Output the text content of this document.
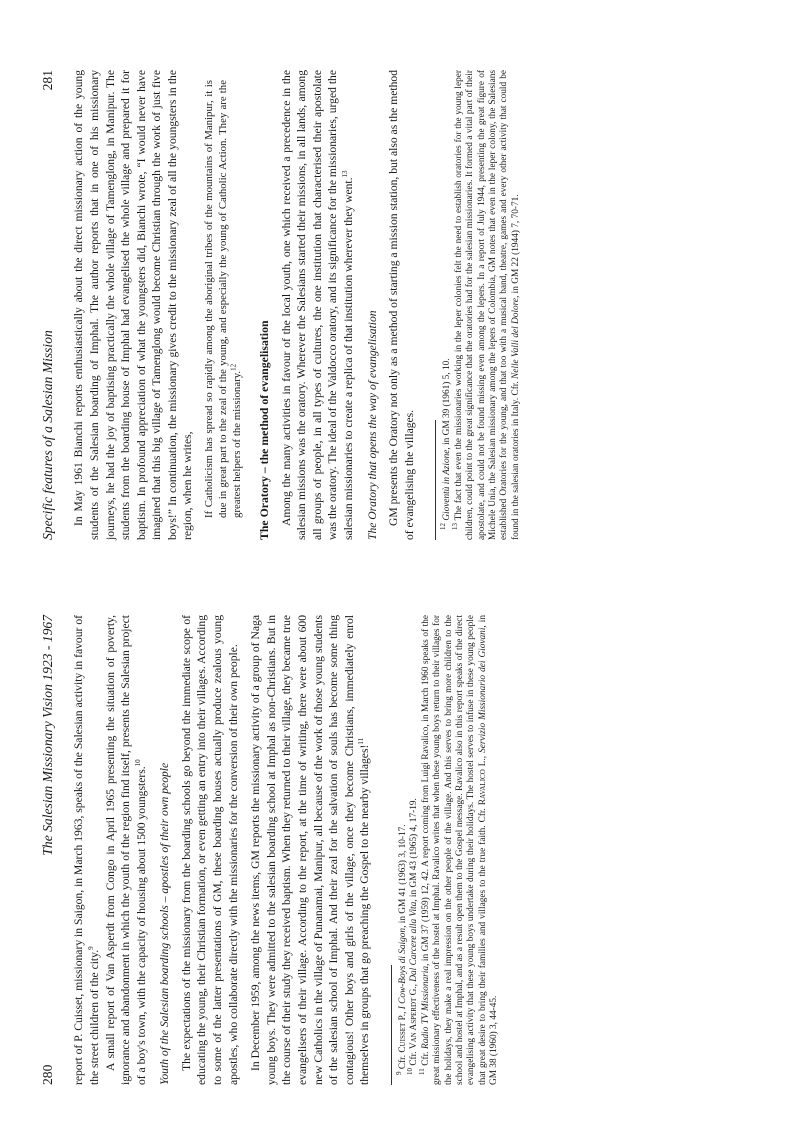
280
The Salesian Missionary Vision 1923 - 1967 report of P. Cuisset, missionary in Saigon, in March 1963, speaks of the Salesian activity in favour of the street children of the city.$^9$ A small report of Van Asperdt from Congo in April 1965 presenting the situation of poverty, ignorance and abandonment in which the youth of the region find itself, presents the Salesian project of a boy's town, with the capacity of housing about 1500 youngsters.$^{10}$	Youth of the Salesian boarding schools – apostles of their own people The expectations of the missionary from the boarding schools go beyond the immediate scope of educating the young, their Christian formation, or even getting an entry into their villages. According to some of the latter presentations of GM, these boarding houses actually produce zealous young apostles, who collaborate directly with the missionaries for the conversion of their own people. In December 1959, among the news items, GM reports the missionary activity of a group of Naga young boys. They were admitted to the salesian boarding school at Imphal as non-Christians. But in the course of their study they received baptism. When they returned to their village, they became true evangelisers of their village. According to the report, at the time of writing, there were about 600 new Catholics in the village of Punanamai, Manipur, all because of the work of those young students of the salesian school of Imphal. And their zeal for the salvation of souls has become some thing contagious! Other boys and girls of the village, once they become Christians, immediately enrol themselves in groups that go preaching the Gospel to the nearby villages!$^{11}$

$^9$ Cfr. Cuisset P., I Cow-Boys di Saigon, in GM 41 (1963) 3, 10-17.

$^{10}$ Cfr. Van Asperdt G., Dal Carcere alla Vita, in GM 43 (1965) 4, 17-19.

$^{11}$ Cfr. Radio TV Missionaria, in GM 37 (1959) 12, 42. A report coming from Luigi Ravalico, in March 1960 speaks of the great missionary effectiveness of the hostel at Imphal. Ravalico writes that when these young boys return to their villages for the holidays, they make a real impression on the other people of the village. And this serves to bring more children to the school and hostel at Imphal, and as a result open them to the Gospel message. Ravalico also in this report speaks of the direct evangelising activity that these young boys undertake during their holidays. The hostel serves to infuse in these young people that great desire to bring their families and villages to the true faith. Cfr. Ravalico L., Servizio Missionario dei Giovani, in GM 38 (1960) 3, 44-45.

Specific features of a Salesian Mission
281 In May 1961 Bianchi reports enthusiastically about the direct missionary action of the young students of the Salesian boarding of Imphal. The author reports that in one of his missionary journeys, he had the joy of baptising practically the whole village of Tamenglong, in Manipur. The students from the boarding house of Imphal had evangelised the whole village and prepared it for baptism. In profound appreciation of what the youngsters did, Bianchi wrote, “I would never have imagined that this big village of Tamenglong would become Christian through the work of just five boys!” In continuation, the missionary gives credit to the missionary zeal of all the youngsters in the region, when he writes, If Catholicism has spread so rapidly among the aboriginal tribes of the mountains of Manipur, it is due in great part to the zeal of the young, and especially the young of Catholic Action. They are the greatest helpers of the missionary.$^{12}$	The Oratory – the method of evangelisation Among the many activities in favour of the local youth, one which received a precedence in the salesian missions was the oratory. Wherever the Salesians started their missions, in all lands, among all groups of people, in all types of cultures, the one institution that characterised their apostolate was the oratory. The ideal of the Valdocco oratory, and its significance for the missionaries, urged the salesian missionaries to create a replica of that institution wherever they went.$^{13}$

The Oratory that opens the way of evangelisation GM presents the Oratory not only as a method of starting a mission station, but also as the method of evangelising the villages.	$^{12}$ Gioventù in Azione, in GM 39 (1961) 5, 10.

$^{13}$ The fact that even the missionaries working in the leper colonies felt the need to establish oratories for the young leper children, could point to the great significance that the oratories had for the salesian missionaries. It formed a vital part of their apostolate, and could not be found missing even among the lepers. In a report of July 1944, presenting the great figure of Michele Unia, the Salesian missionary among the lepers of Colombia, GM notes that even in the leper colony, the Salesians established Oratories for the young, and that too with a musical band, theatre, games and every other activity that could be found in the salesian oratories in Italy. Cfr. Nelle Valli del Dolore, in GM 22 (1944) 7, 70-71.
